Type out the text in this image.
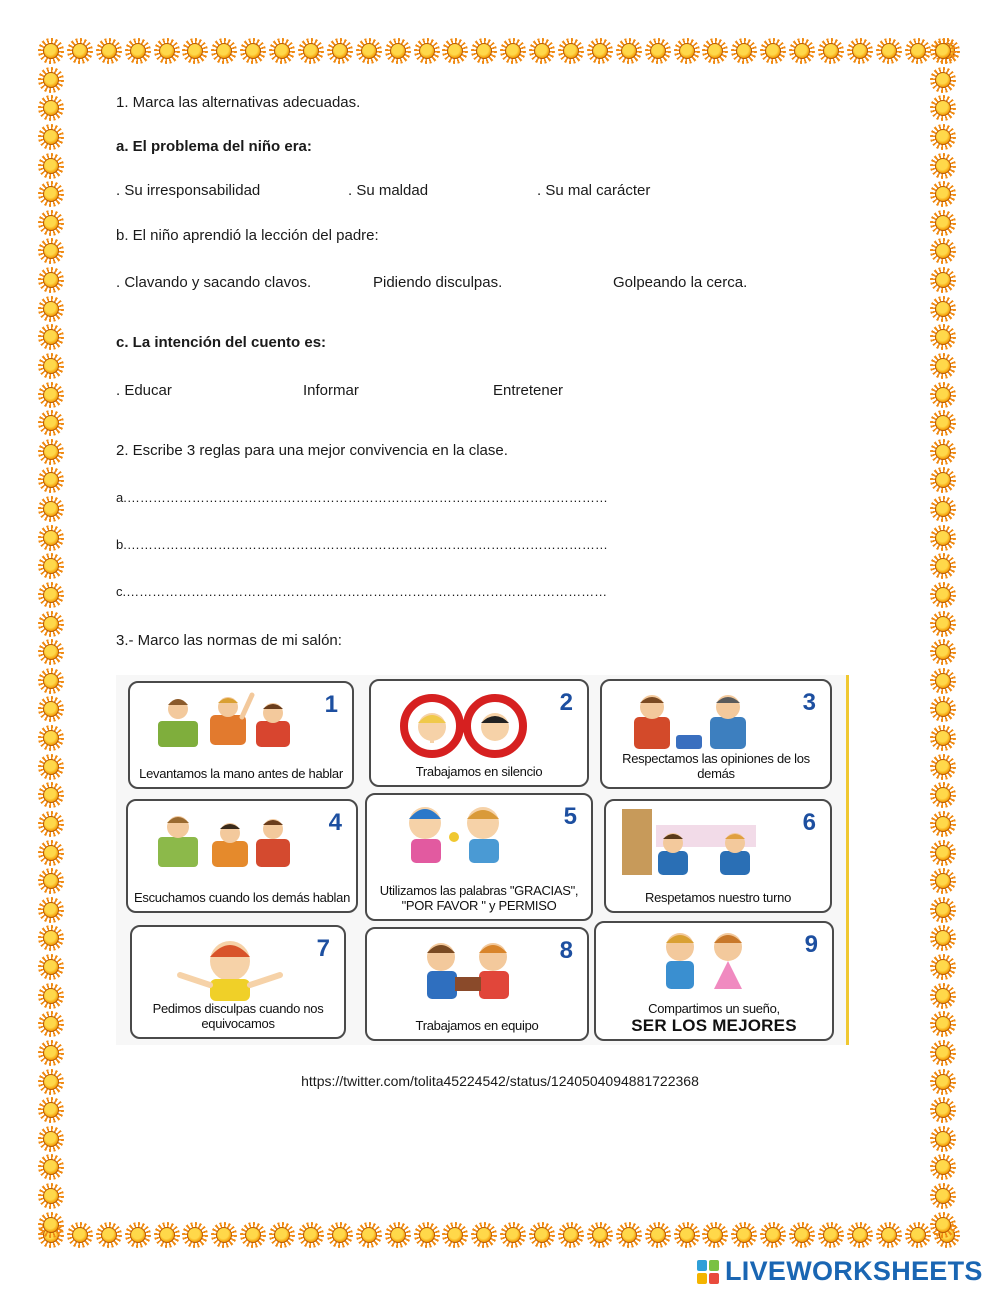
1. Marca las alternativas adecuadas.
a. El problema del niño era:
. Su irresponsabilidad	. Su maldad	. Su mal carácter
b. El niño aprendió la lección del padre:
. Clavando y sacando clavos.	Pidiendo disculpas.	Golpeando la cerca.
c. La intención del cuento es:
. Educar	Informar	Entretener
2. Escribe 3 reglas para una mejor convivencia en la clase.
a.…………………………………………………………………………………………………
b.…………………………………………………………………………………………………
c.…………………………………………………………………………………………………
3.- Marco las normas de mi salón:
1
Levantamos la mano antes de hablar
2
Trabajamos en silencio
3
Respectamos las opiniones de los demás
4
Escuchamos cuando los demás hablan
5
Utilizamos las palabras "GRACIAS", "POR FAVOR " y PERMISO
6
Respetamos nuestro turno
7
Pedimos disculpas cuando nos equivocamos
8
Trabajamos en equipo
9
Compartimos un sueño,
SER LOS MEJORES
https://twitter.com/tolita45224542/status/1240504094881722368
LIVEWORKSHEETS
